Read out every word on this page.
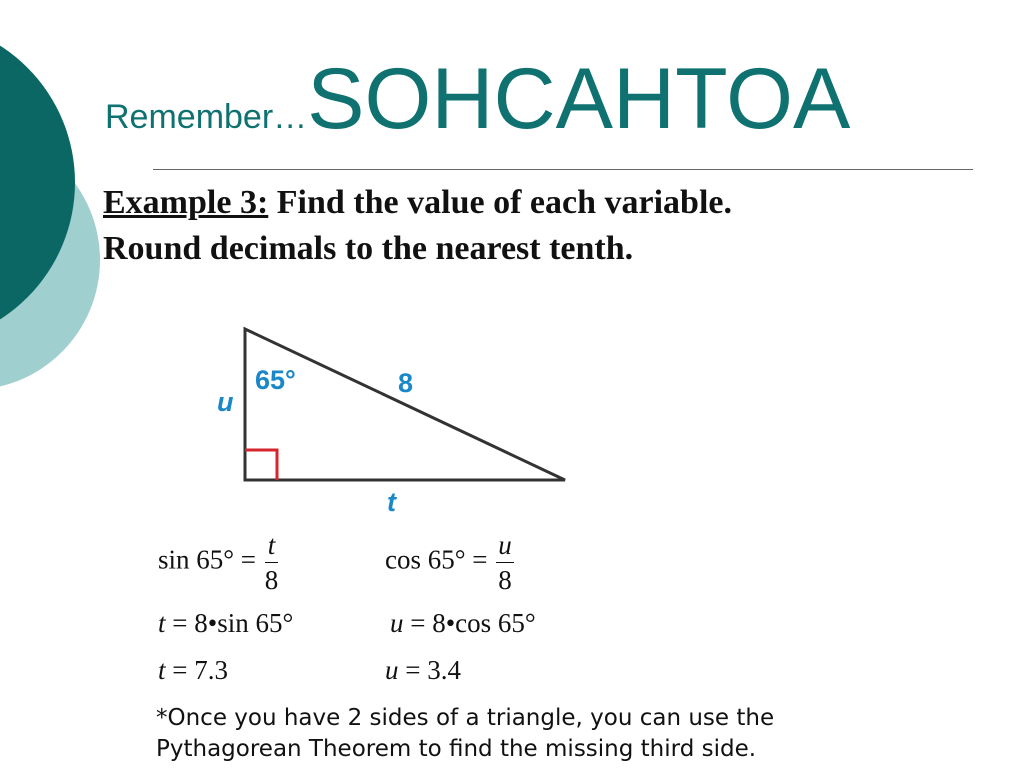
Remember…SOHCAHTOA
Example 3: Find the value of each variable.
Round decimals to the nearest tenth.
65°	8
u
t
$\sin 65^\circ = \frac{t}{8}$	$\cos 65^\circ = \frac{u}{8}$
t = 8•sin 65°	u = 8•cos 65°
t = 7.3	u = 3.4
*Once you have 2 sides of a triangle, you can use the
Pythagorean Theorem to find the missing third side.
